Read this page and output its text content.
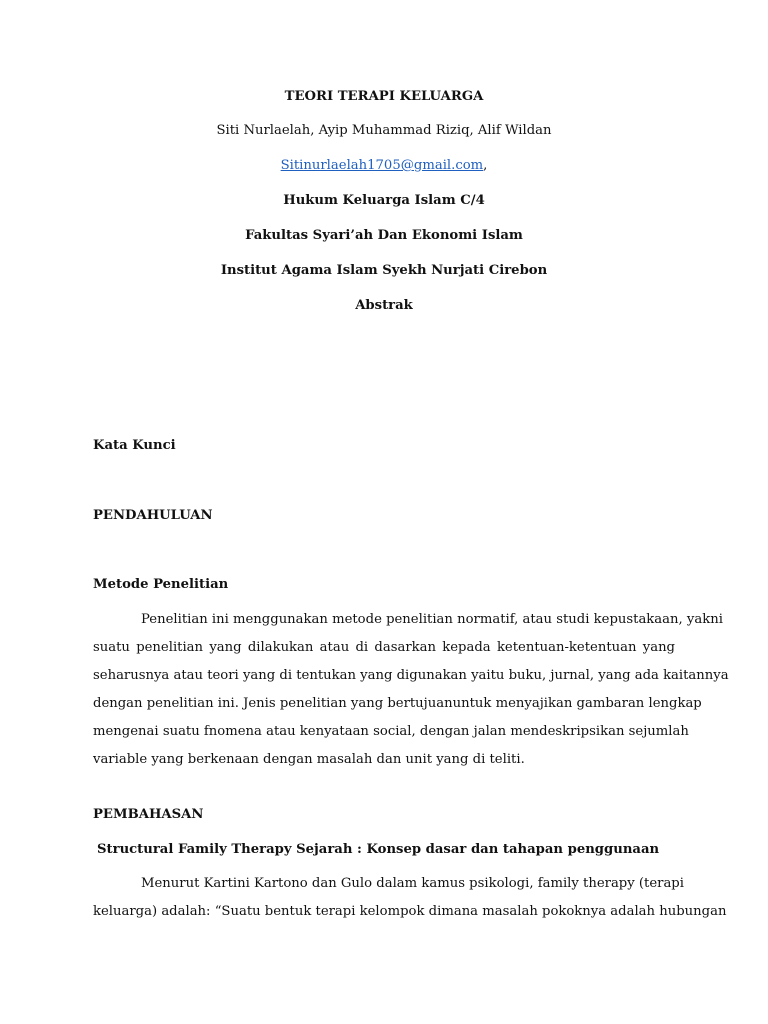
TEORI TERAPI KELUARGA
Siti Nurlaelah, Ayip Muhammad Riziq, Alif Wildan
Sitinurlaelah1705@gmail.com,
Hukum Keluarga Islam C/4
Fakultas Syari’ah Dan Ekonomi Islam
Institut Agama Islam Syekh Nurjati Cirebon
Abstrak
Kata Kunci
PENDAHULUAN
Metode Penelitian
Penelitian ini menggunakan metode penelitian normatif, atau studi kepustakaan, yakni
suatu penelitian yang dilakukan atau di dasarkan kepada ketentuan-ketentuan yang
seharusnya atau teori yang di tentukan yang digunakan yaitu buku, jurnal, yang ada kaitannya
dengan penelitian ini. Jenis penelitian yang bertujuanuntuk menyajikan gambaran lengkap
mengenai suatu fnomena atau kenyataan social, dengan jalan mendeskripsikan sejumlah
variable yang berkenaan dengan masalah dan unit yang di teliti.
PEMBAHASAN
Structural Family Therapy Sejarah : Konsep dasar dan tahapan penggunaan
Menurut Kartini Kartono dan Gulo dalam kamus psikologi, family therapy (terapi
keluarga) adalah: “Suatu bentuk terapi kelompok dimana masalah pokoknya adalah hubungan
